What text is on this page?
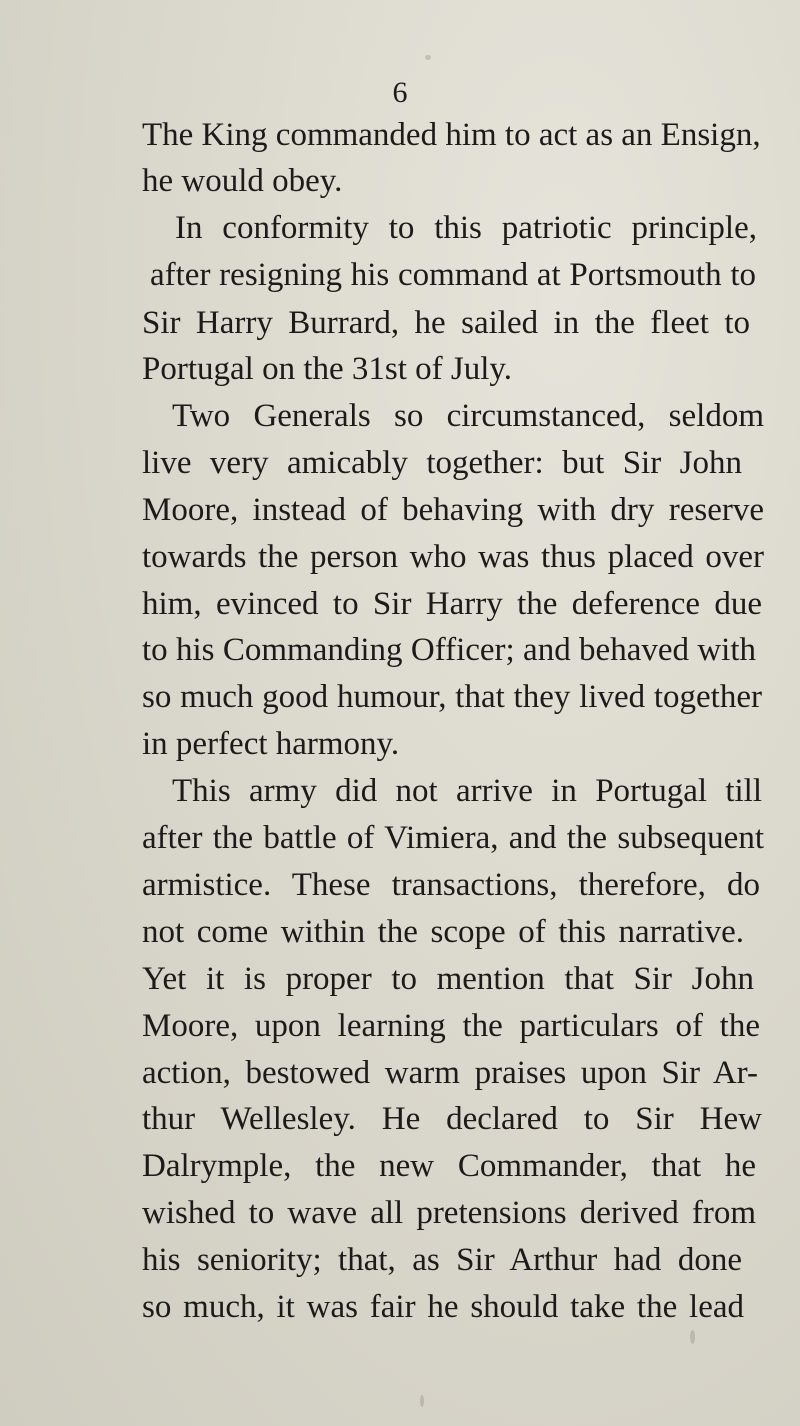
6
The King commanded him to act as an Ensign,
he would obey.
In conformity to this patriotic principle,
after resigning his command at Portsmouth to
Sir Harry Burrard, he sailed in the fleet to
Portugal on the 31st of July.
Two Generals so circumstanced, seldom
live very amicably together: but Sir John
Moore, instead of behaving with dry reserve
towards the person who was thus placed over
him, evinced to Sir Harry the deference due
to his Commanding Officer; and behaved with
so much good humour, that they lived together
in perfect harmony.
This army did not arrive in Portugal till
after the battle of Vimiera, and the subsequent
armistice. These transactions, therefore, do
not come within the scope of this narrative.
Yet it is proper to mention that Sir John
Moore, upon learning the particulars of the
action, bestowed warm praises upon Sir Ar-
thur Wellesley. He declared to Sir Hew
Dalrymple, the new Commander, that he
wished to wave all pretensions derived from
his seniority; that, as Sir Arthur had done
so much, it was fair he should take the lead
